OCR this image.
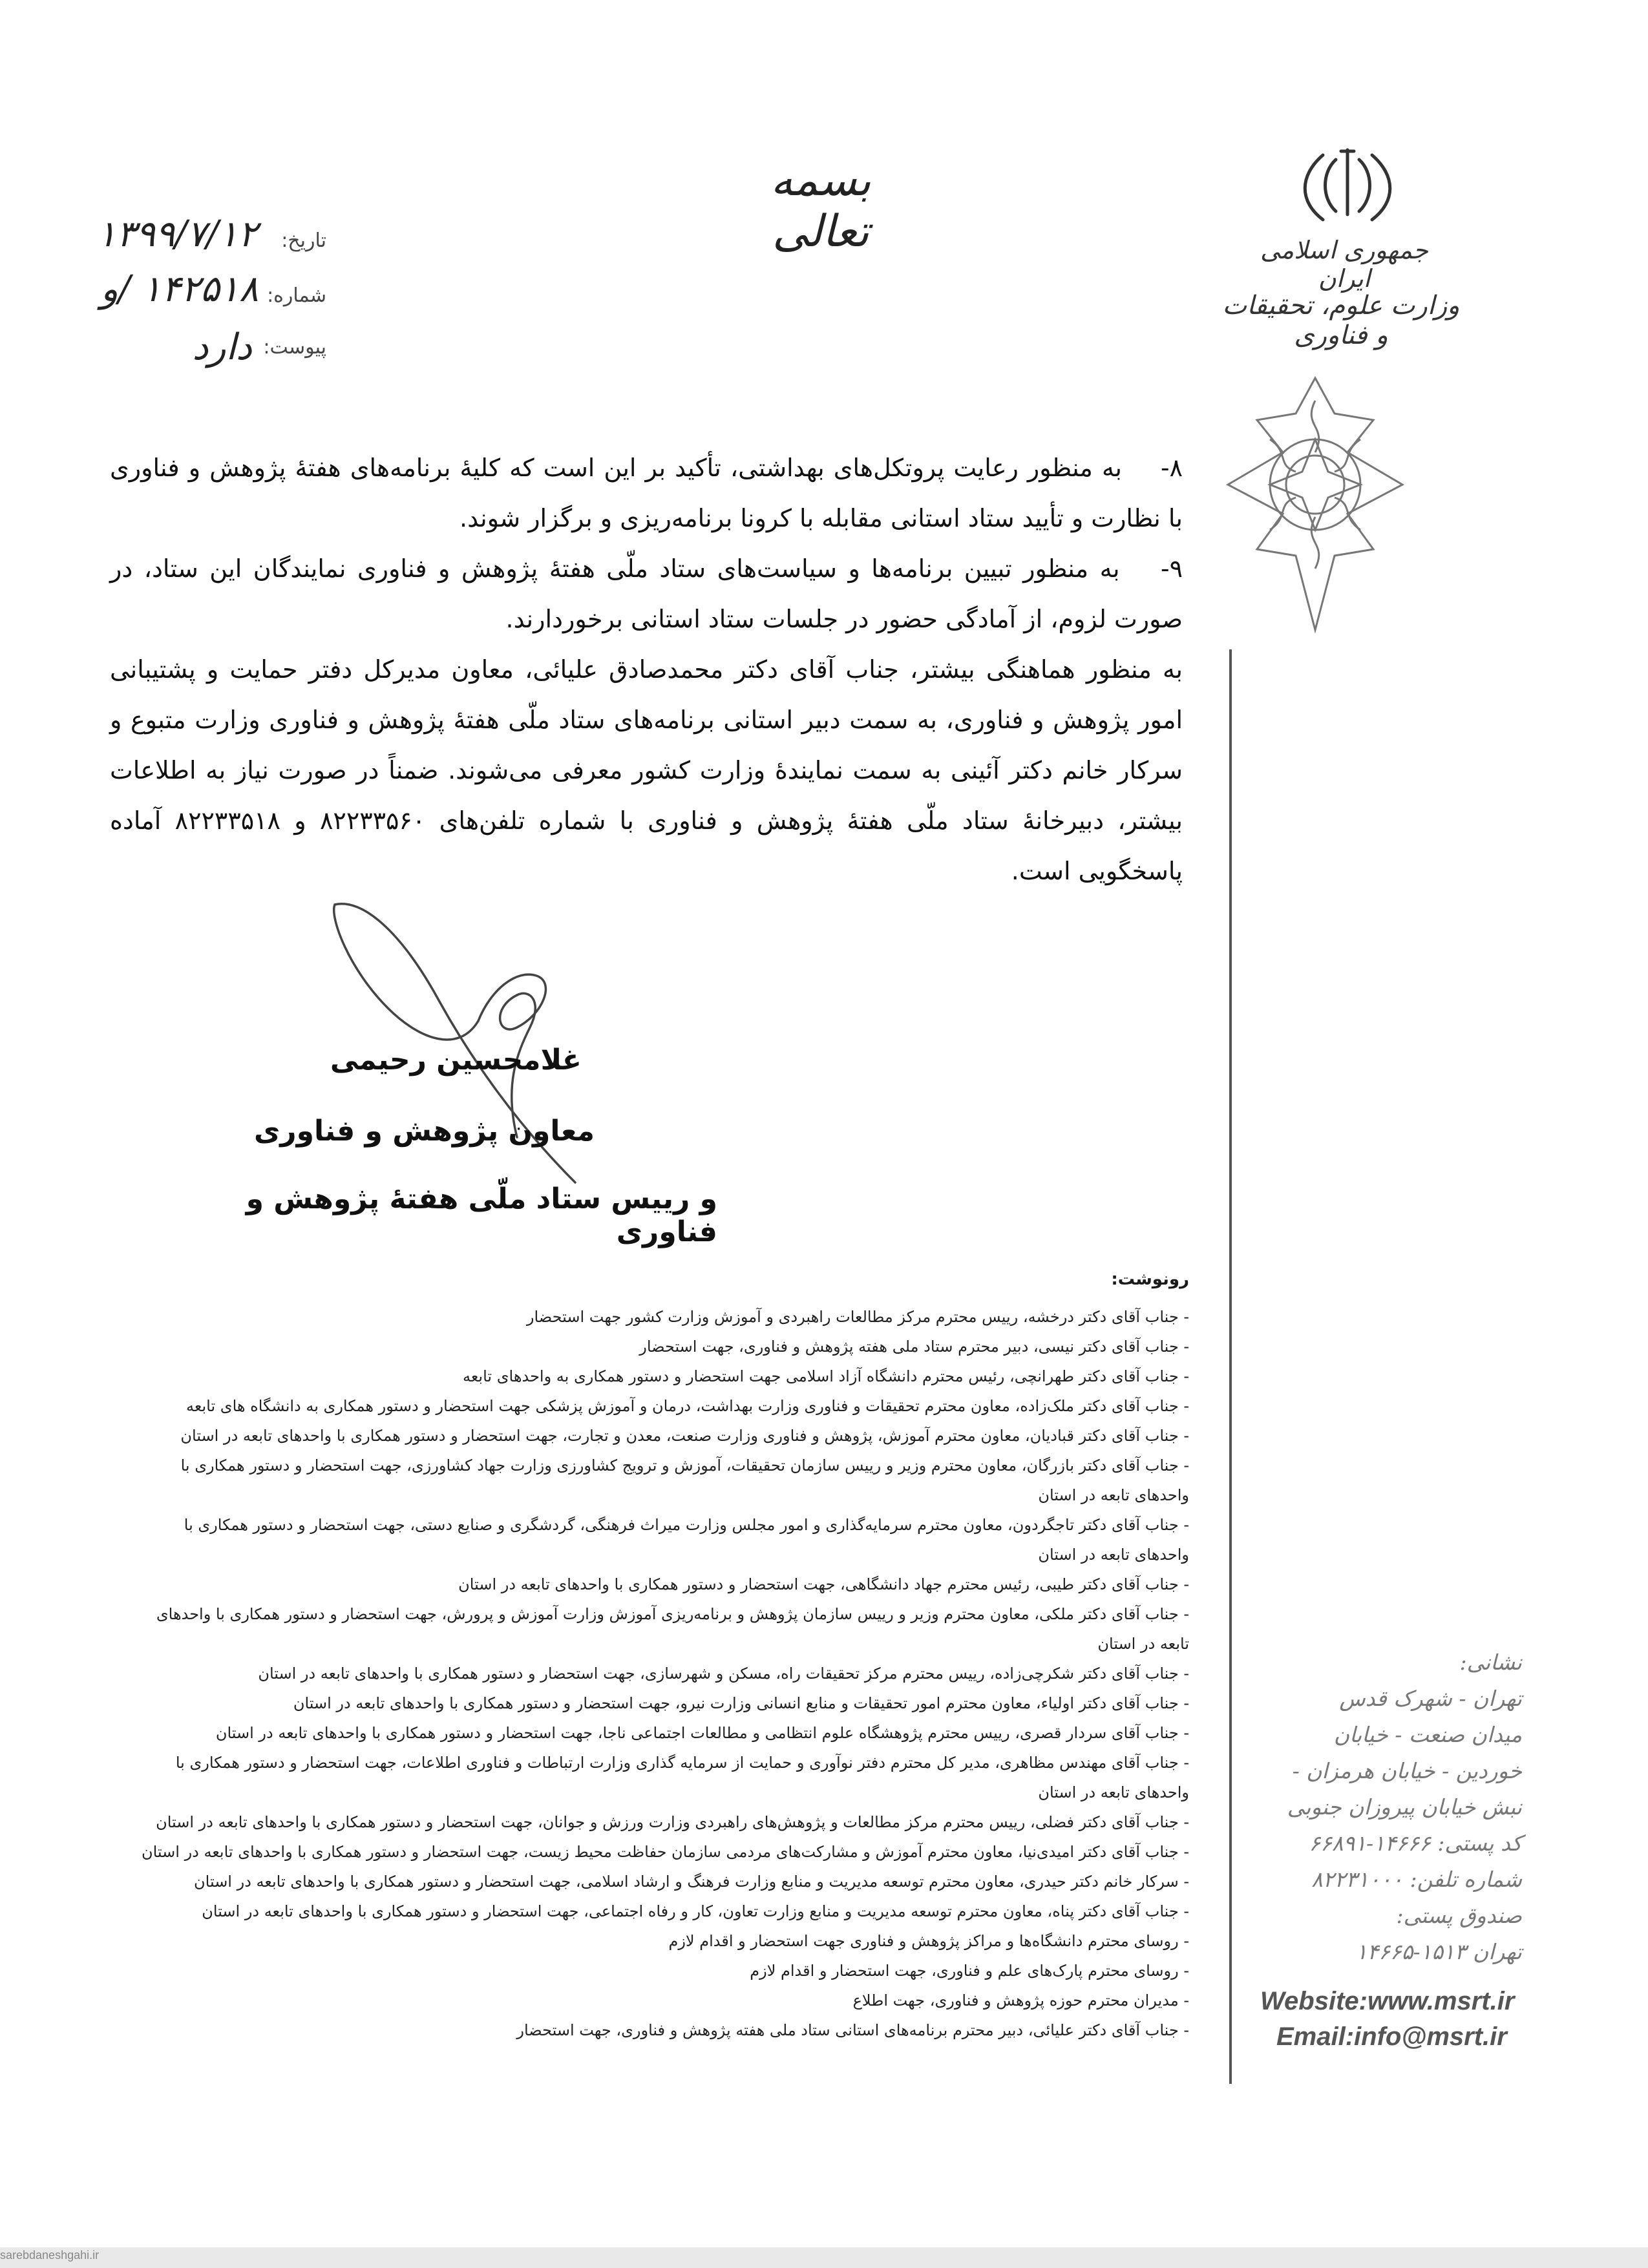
جمهوری اسلامی ایران
وزارت علوم، تحقیقات و فناوری
بسمه تعالی
تاریخ:
۱۳۹۹/۷/۱۲
شماره:
۱۴۲۵۱۸ /و
پیوست:
دارد
۸- به منظور رعایت پروتکل‌های بهداشتی، تأکید بر این است که کلیهٔ برنامه‌های هفتهٔ پژوهش و فناوری با نظارت و تأیید ستاد استانی مقابله با کرونا برنامه‌ریزی و برگزار شوند.
۹- به منظور تبیین برنامه‌ها و سیاست‌های ستاد ملّی هفتهٔ پژوهش و فناوری نمایندگان این ستاد، در صورت لزوم، از آمادگی حضور در جلسات ستاد استانی برخوردارند.
به منظور هماهنگی بیشتر، جناب آقای دکتر محمدصادق علیائی، معاون مدیرکل دفتر حمایت و پشتیبانی امور پژوهش و فناوری، به سمت دبیر استانی برنامه‌های ستاد ملّی هفتهٔ پژوهش و فناوری وزارت متبوع و سرکار خانم دکتر آئینی به سمت نمایندهٔ وزارت کشور معرفی می‌شوند. ضمناً در صورت نیاز به اطلاعات بیشتر، دبیرخانهٔ ستاد ملّی هفتهٔ پژوهش و فناوری با شماره تلفن‌های ۸۲۲۳۳۵۶۰ و ۸۲۲۳۳۵۱۸ آماده پاسخگویی است.
غلامحسین رحیمی
معاون پژوهش و فناوری
و رییس ستاد ملّی هفتهٔ پژوهش و فناوری
رونوشت:
- جناب آقای دکتر درخشه، رییس محترم مرکز مطالعات راهبردی و آموزش وزارت کشور جهت استحضار
- جناب آقای دکتر نیسی، دبیر محترم ستاد ملی هفته پژوهش و فناوری، جهت استحضار
- جناب آقای دکتر طهرانچی، رئیس محترم دانشگاه آزاد اسلامی جهت استحضار و دستور همکاری به واحدهای تابعه
- جناب آقای دکتر ملک‌زاده، معاون محترم تحقیقات و فناوری وزارت بهداشت، درمان و آموزش پزشکی جهت استحضار و دستور همکاری به دانشگاه های تابعه
- جناب آقای دکتر قبادیان، معاون محترم آموزش، پژوهش و فناوری وزارت صنعت، معدن و تجارت، جهت استحضار و دستور همکاری با واحدهای تابعه در استان
- جناب آقای دکتر بازرگان، معاون محترم وزیر و رییس سازمان تحقیقات، آموزش و ترویج کشاورزی وزارت جهاد کشاورزی، جهت استحضار و دستور همکاری با واحدهای تابعه در استان
- جناب آقای دکتر تاجگردون، معاون محترم سرمایه‌گذاری و امور مجلس وزارت میراث فرهنگی، گردشگری و صنایع دستی، جهت استحضار و دستور همکاری با واحدهای تابعه در استان
- جناب آقای دکتر طیبی، رئیس محترم جهاد دانشگاهی، جهت استحضار و دستور همکاری با واحدهای تابعه در استان
- جناب آقای دکتر ملکی، معاون محترم وزیر و رییس سازمان پژوهش و برنامه‌ریزی آموزش وزارت آموزش و پرورش، جهت استحضار و دستور همکاری با واحدهای تابعه در استان
- جناب آقای دکتر شکرچی‌زاده، رییس محترم مرکز تحقیقات راه، مسکن و شهرسازی، جهت استحضار و دستور همکاری با واحدهای تابعه در استان
- جناب آقای دکتر اولیاء، معاون محترم امور تحقیقات و منابع انسانی وزارت نیرو، جهت استحضار و دستور همکاری با واحدهای تابعه در استان
- جناب آقای سردار قصری، رییس محترم پژوهشگاه علوم انتظامی و مطالعات اجتماعی ناجا، جهت استحضار و دستور همکاری با واحدهای تابعه در استان
- جناب آقای مهندس مظاهری، مدیر کل محترم دفتر نوآوری و حمایت از سرمایه گذاری وزارت ارتباطات و فناوری اطلاعات، جهت استحضار و دستور همکاری با واحدهای تابعه در استان
- جناب آقای دکتر فضلی، رییس محترم مرکز مطالعات و پژوهش‌های راهبردی وزارت ورزش و جوانان، جهت استحضار و دستور همکاری با واحدهای تابعه در استان
- جناب آقای دکتر امیدی‌نیا، معاون محترم آموزش و مشارکت‌های مردمی سازمان حفاظت محیط زیست، جهت استحضار و دستور همکاری با واحدهای تابعه در استان
- سرکار خانم دکتر حیدری، معاون محترم توسعه مدیریت و منابع وزارت فرهنگ و ارشاد اسلامی، جهت استحضار و دستور همکاری با واحدهای تابعه در استان
- جناب آقای دکتر پناه، معاون محترم توسعه مدیریت و منابع وزارت تعاون، کار و رفاه اجتماعی، جهت استحضار و دستور همکاری با واحدهای تابعه در استان
- روسای محترم دانشگاه‌ها و مراکز پژوهش و فناوری جهت استحضار و اقدام لازم
- روسای محترم پارک‌های علم و فناوری، جهت استحضار و اقدام لازم
- مدیران محترم حوزه پژوهش و فناوری، جهت اطلاع
- جناب آقای دکتر علیائی، دبیر محترم برنامه‌های استانی ستاد ملی هفته پژوهش و فناوری، جهت استحضار
نشانی:
تهران - شهرک قدس
میدان صنعت - خیابان
خوردین - خیابان هرمزان -
نبش خیابان پیروزان جنوبی
کد پستی: ۱۴۶۶۶-۶۶۸۹۱
شماره تلفن: ۸۲۲۳۱۰۰۰
صندوق پستی:
تهران ۱۵۱۳-۱۴۶۶۵
Website:www.msrt.ir
Email:info@msrt.ir
sarebdaneshgahi.ir
